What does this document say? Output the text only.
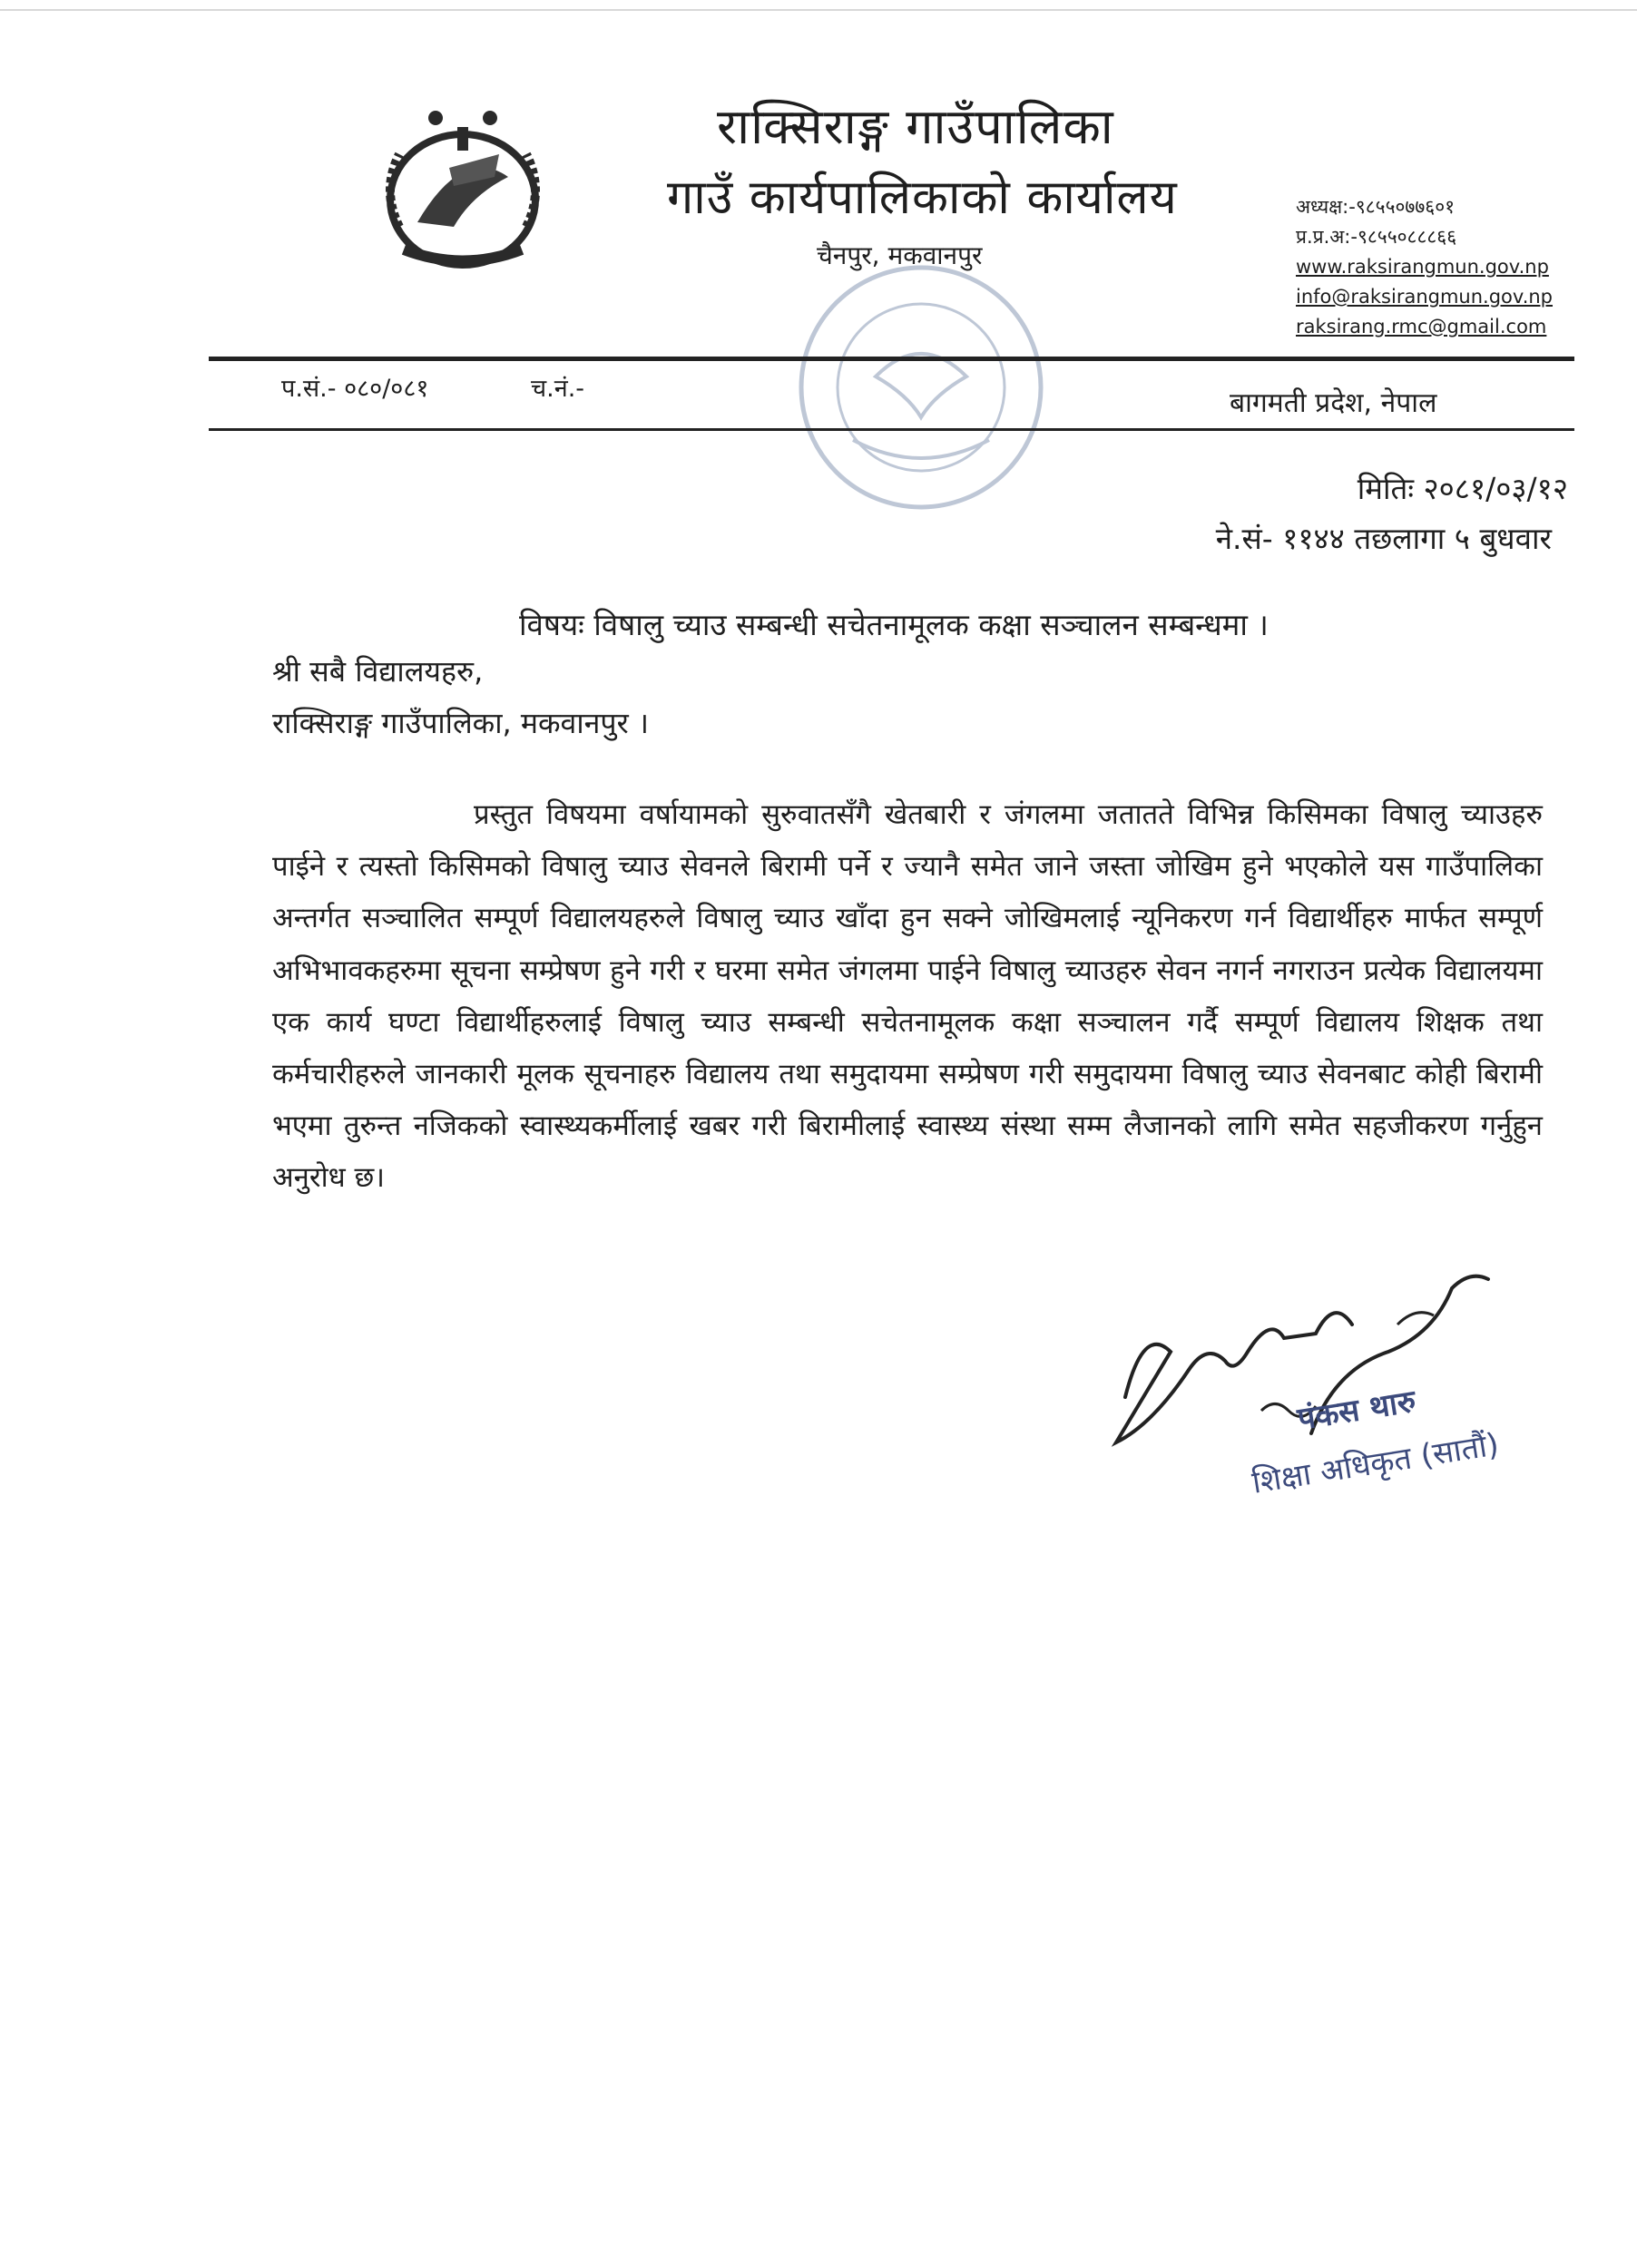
राक्सिराङ्ग गाउँपालिका
गाउँ कार्यपालिकाको कार्यालय
चैनपुर, मकवानपुर
अध्यक्ष:-९८५५०७७६०१
प्र.प्र.अ:-९८५५०८८८६६
www.raksirangmun.gov.np
info@raksirangmun.gov.np
raksirang.rmc@gmail.com
प.सं.- ०८०/०८१	च.नं.-	बागमती प्रदेश, नेपाल
मितिः २०८१/०३/१२
ने.सं- ११४४ तछलागा ५ बुधवार
विषयः विषालु च्याउ सम्बन्धी सचेतनामूलक कक्षा सञ्चालन सम्बन्धमा ।
श्री सबै विद्यालयहरु,
राक्सिराङ्ग गाउँपालिका, मकवानपुर ।
प्रस्तुत विषयमा वर्षायामको सुरुवातसँगै खेतबारी र जंगलमा जतातते विभिन्न किसिमका विषालु च्याउहरु पाईने र त्यस्तो किसिमको विषालु च्याउ सेवनले बिरामी पर्ने र ज्यानै समेत जाने जस्ता जोखिम हुने भएकोले यस गाउँपालिका अन्तर्गत सञ्चालित सम्पूर्ण विद्यालयहरुले विषालु च्याउ खाँदा हुन सक्ने जोखिमलाई न्यूनिकरण गर्न विद्यार्थीहरु मार्फत सम्पूर्ण अभिभावकहरुमा सूचना सम्प्रेषण हुने गरी र घरमा समेत जंगलमा पाईने विषालु च्याउहरु सेवन नगर्न नगराउन प्रत्येक विद्यालयमा एक कार्य घण्टा विद्यार्थीहरुलाई विषालु च्याउ सम्बन्धी सचेतनामूलक कक्षा सञ्चालन गर्दै सम्पूर्ण विद्यालय शिक्षक तथा कर्मचारीहरुले जानकारी मूलक सूचनाहरु विद्यालय तथा समुदायमा सम्प्रेषण गरी समुदायमा विषालु च्याउ सेवनबाट कोही बिरामी भएमा तुरुन्त नजिकको स्वास्थ्यकर्मीलाई खबर गरी बिरामीलाई स्वास्थ्य संस्था सम्म लैजानको लागि समेत सहजीकरण गर्नुहुन अनुरोध छ।
पंकस थारु
शिक्षा अधिकृत (सातौं)
